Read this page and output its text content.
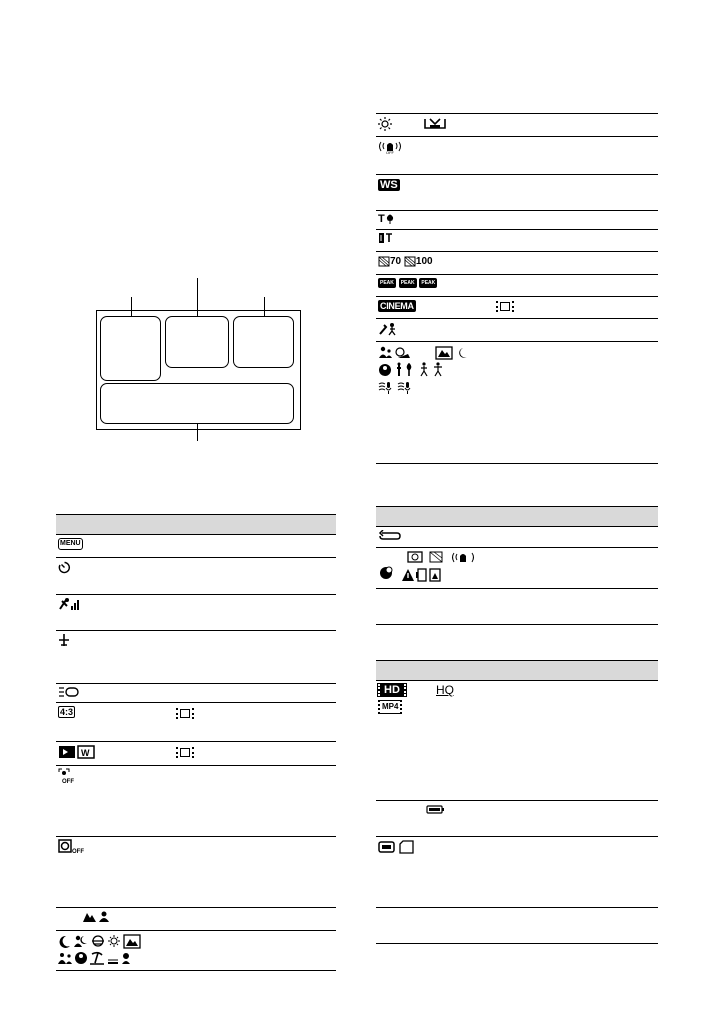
MENU
4:3
W
OFF
OFF
OFF
WS
T
70 100
PEAK PEAK PEAK
CINEMA
HD	HQ
MP4
